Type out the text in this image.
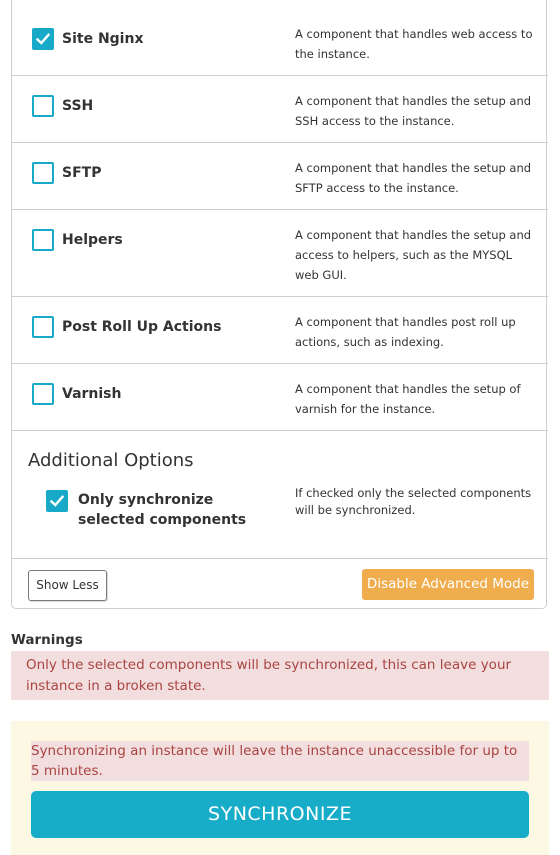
Site Nginx	A component that handles web access to the instance.
SSH	A component that handles the setup and SSH access to the instance.
SFTP	A component that handles the setup and SFTP access to the instance.
Helpers	A component that handles the setup and access to helpers, such as the MYSQL web GUI.
Post Roll Up Actions	A component that handles post roll up actions, such as indexing.
Varnish	A component that handles the setup of varnish for the instance.
Additional Options
Only synchronize selected components
If checked only the selected components will be synchronized.
Show Less	Disable Advanced Mode
Warnings
Only the selected components will be synchronized, this can leave your instance in a broken state.
Synchronizing an instance will leave the instance unaccessible for up to 5 minutes.
SYNCHRONIZE
